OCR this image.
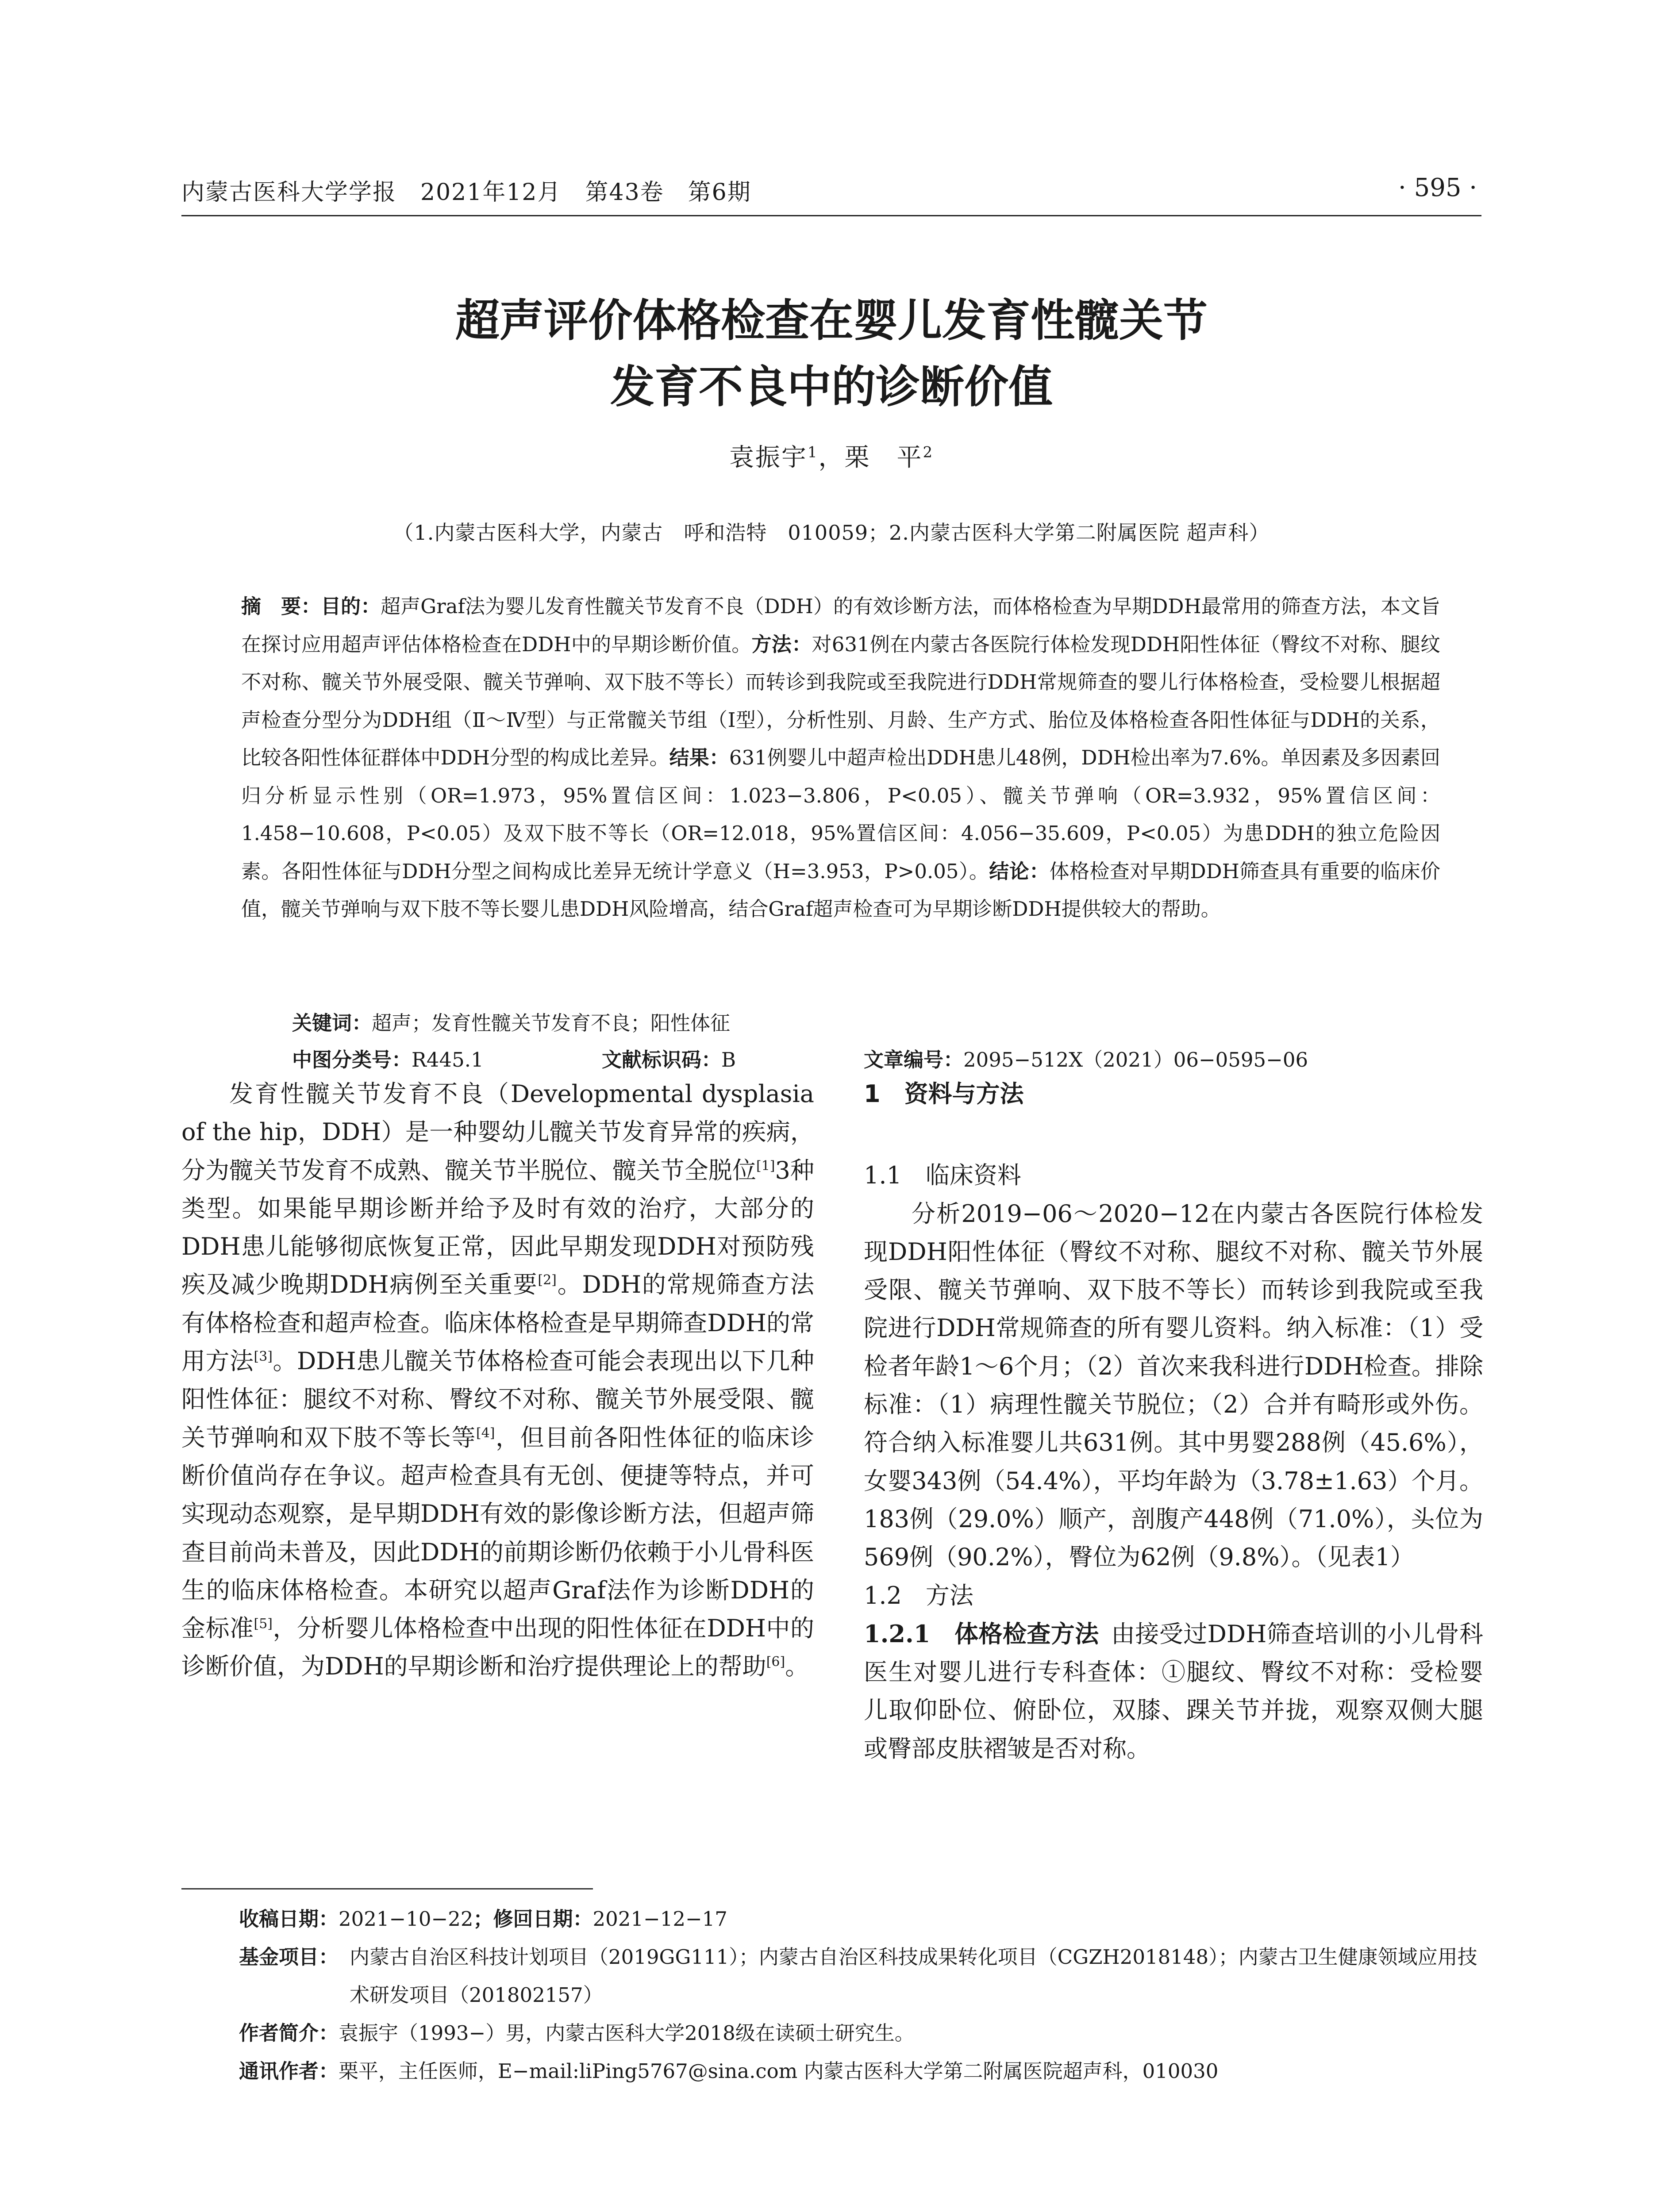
内蒙古医科大学学报　2021年12月　第43卷　第6期	· 595 ·
超声评价体格检查在婴儿发育性髋关节
发育不良中的诊断价值
袁振宇$^1$，栗　平$^2$
（1.内蒙古医科大学，内蒙古　呼和浩特　010059；2.内蒙古医科大学第二附属医院 超声科）
摘　要：目的：超声Graf法为婴儿发育性髋关节发育不良（DDH）的有效诊断方法，而体格检查为早期DDH最常用的筛查方法，本文旨在探讨应用超声评估体格检查在DDH中的早期诊断价值。方法：对631例在内蒙古各医院行体检发现DDH阳性体征（臀纹不对称、腿纹不对称、髋关节外展受限、髋关节弹响、双下肢不等长）而转诊到我院或至我院进行DDH常规筛查的婴儿行体格检查，受检婴儿根据超声检查分型分为DDH组（Ⅱ～Ⅳ型）与正常髋关节组（Ⅰ型），分析性别、月龄、生产方式、胎位及体格检查各阳性体征与DDH的关系，比较各阳性体征群体中DDH分型的构成比差异。结果：631例婴儿中超声检出DDH患儿48例，DDH检出率为7.6%。单因素及多因素回归分析显示性别（OR=1.973，95%置信区间：1.023−3.806，P<0.05）、髋关节弹响（OR=3.932，95%置信区间：1.458−10.608，P<0.05）及双下肢不等长（OR=12.018，95%置信区间：4.056−35.609，P<0.05）为患DDH的独立危险因素。各阳性体征与DDH分型之间构成比差异无统计学意义（H=3.953，P>0.05）。结论：体格检查对早期DDH筛查具有重要的临床价值，髋关节弹响与双下肢不等长婴儿患DDH风险增高，结合Graf超声检查可为早期诊断DDH提供较大的帮助。
关键词：超声；发育性髋关节发育不良；阳性体征
中图分类号：R445.1	文献标识码：B	文章编号：2095−512X（2021）06−0595−06

发育性髋关节发育不良（Developmental dysplasia of the hip，DDH）是一种婴幼儿髋关节发育异常的疾病，分为髋关节发育不成熟、髋关节半脱位、髋关节全脱位[1]3种类型。如果能早期诊断并给予及时有效的治疗，大部分的DDH患儿能够彻底恢复正常，因此早期发现DDH对预防残疾及减少晚期DDH病例至关重要[2]。DDH的常规筛查方法有体格检查和超声检查。临床体格检查是早期筛查DDH的常用方法[3]。DDH患儿髋关节体格检查可能会表现出以下几种阳性体征：腿纹不对称、臀纹不对称、髋关节外展受限、髋关节弹响和双下肢不等长等[4]，但目前各阳性体征的临床诊断价值尚存在争议。超声检查具有无创、便捷等特点，并可实现动态观察，是早期DDH有效的影像诊断方法，但超声筛查目前尚未普及，因此DDH的前期诊断仍依赖于小儿骨科医生的临床体格检查。本研究以超声Graf法作为诊断DDH的金标准[5]，分析婴儿体格检查中出现的阳性体征在DDH中的诊断价值，为DDH的早期诊断和治疗提供理论上的帮助[6]。

1　资料与方法

1.1　临床资料

分析2019−06～2020−12在内蒙古各医院行体检发现DDH阳性体征（臀纹不对称、腿纹不对称、髋关节外展受限、髋关节弹响、双下肢不等长）而转诊到我院或至我院进行DDH常规筛查的所有婴儿资料。纳入标准：（1）受检者年龄1～6个月；（2）首次来我科进行DDH检查。排除标准：（1）病理性髋关节脱位；（2）合并有畸形或外伤。符合纳入标准婴儿共631例。其中男婴288例（45.6%），女婴343例（54.4%），平均年龄为（3.78±1.63）个月。183例（29.0%）顺产，剖腹产448例（71.0%），头位为569例（90.2%），臀位为62例（9.8%）。（见表1）

1.2　方法

1.2.1　体格检查方法  由接受过DDH筛查培训的小儿骨科医生对婴儿进行专科查体：①腿纹、臀纹不对称：受检婴儿取仰卧位、俯卧位，双膝、踝关节并拢，观察双侧大腿或臀部皮肤褶皱是否对称。

收稿日期：2021−10−22；修回日期：2021−12−17
基金项目： 内蒙古自治区科技计划项目（2019GG111）；内蒙古自治区科技成果转化项目（CGZH2018148）；内蒙古卫生健康领域应用技术研发项目（201802157）
作者简介：袁振宇（1993−）男，内蒙古医科大学2018级在读硕士研究生。
通讯作者：栗平，主任医师，E−mail:liPing5767@sina.com 内蒙古医科大学第二附属医院超声科，010030
